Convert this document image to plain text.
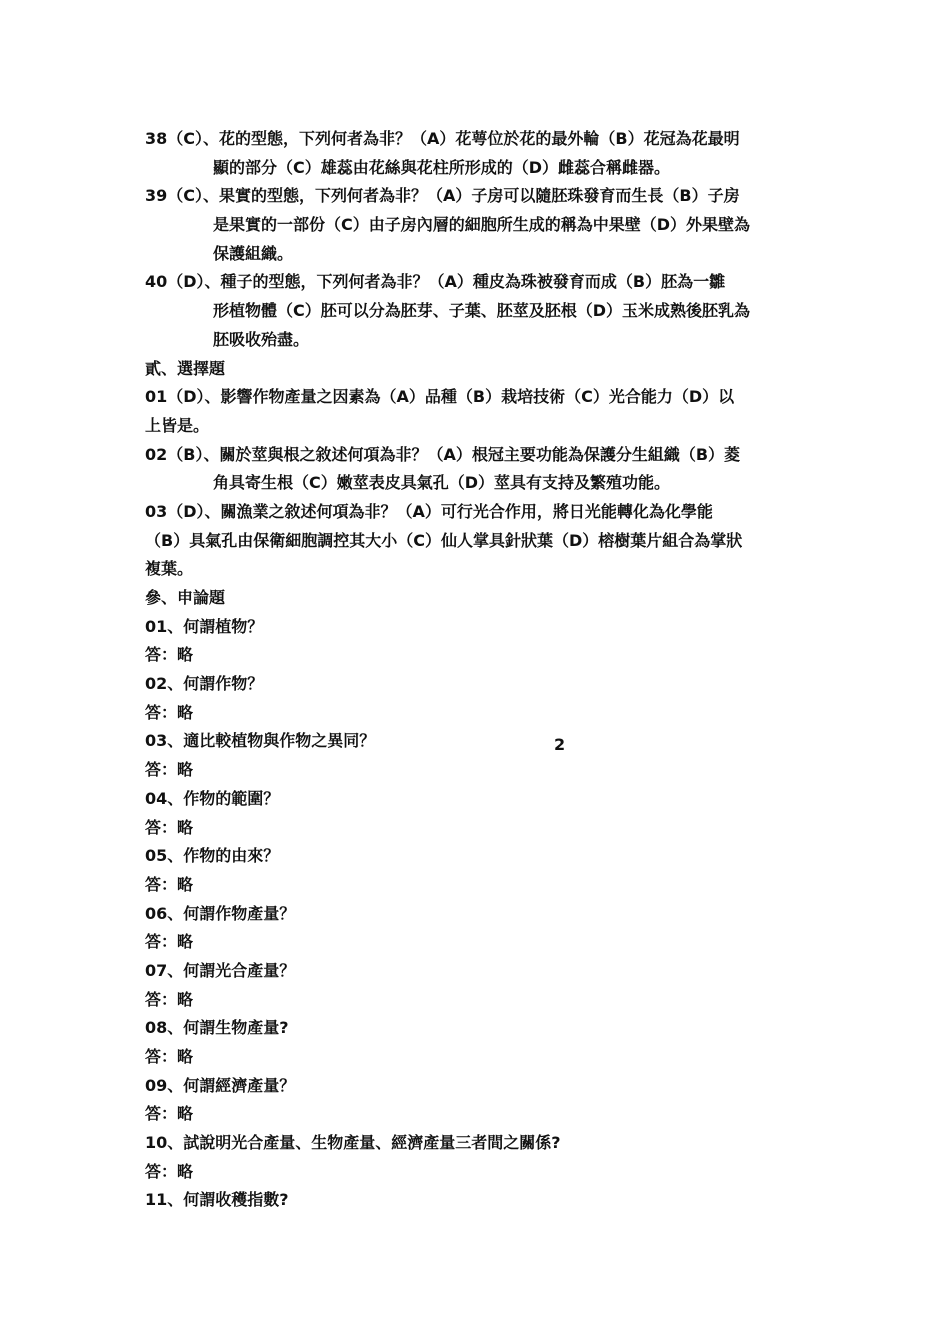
38（C）、花的型態，下列何者為非？（A）花萼位於花的最外輪（B）花冠為花最明
顯的部分（C）雄蕊由花絲與花柱所形成的（D）雌蕊合稱雌器。
39（C）、果實的型態，下列何者為非？（A）子房可以隨胚珠發育而生長（B）子房
是果實的一部份（C）由子房內層的細胞所生成的稱為中果壁（D）外果壁為
保護組織。
40（D）、種子的型態，下列何者為非？（A）種皮為珠被發育而成（B）胚為一雛
形植物體（C）胚可以分為胚芽、子葉、胚莖及胚根（D）玉米成熟後胚乳為
胚吸收殆盡。
貳、選擇題
01（D）、影響作物產量之因素為（A）品種（B）栽培技術（C）光合能力（D）以
上皆是。
02（B）、關於莖與根之敘述何項為非？（A）根冠主要功能為保護分生組織（B）菱
角具寄生根（C）嫩莖表皮具氣孔（D）莖具有支持及繁殖功能。
03（D）、關漁業之敘述何項為非？（A）可行光合作用，將日光能轉化為化學能
（B）具氣孔由保衛細胞調控其大小（C）仙人掌具針狀葉（D）榕樹葉片組合為掌狀
複葉。
參、申論題
01、何謂植物？
答：略
02、何謂作物？
答：略
03、適比較植物與作物之異同？
答：略
04、作物的範圍？
答：略
05、作物的由來？
答：略
06、何謂作物產量？
答：略
07、何謂光合產量？
答：略
08、何謂生物產量?
答：略
09、何謂經濟產量？
答：略
10、試說明光合產量、生物產量、經濟產量三者間之關係?
答：略
11、何謂收穫指數?
2
